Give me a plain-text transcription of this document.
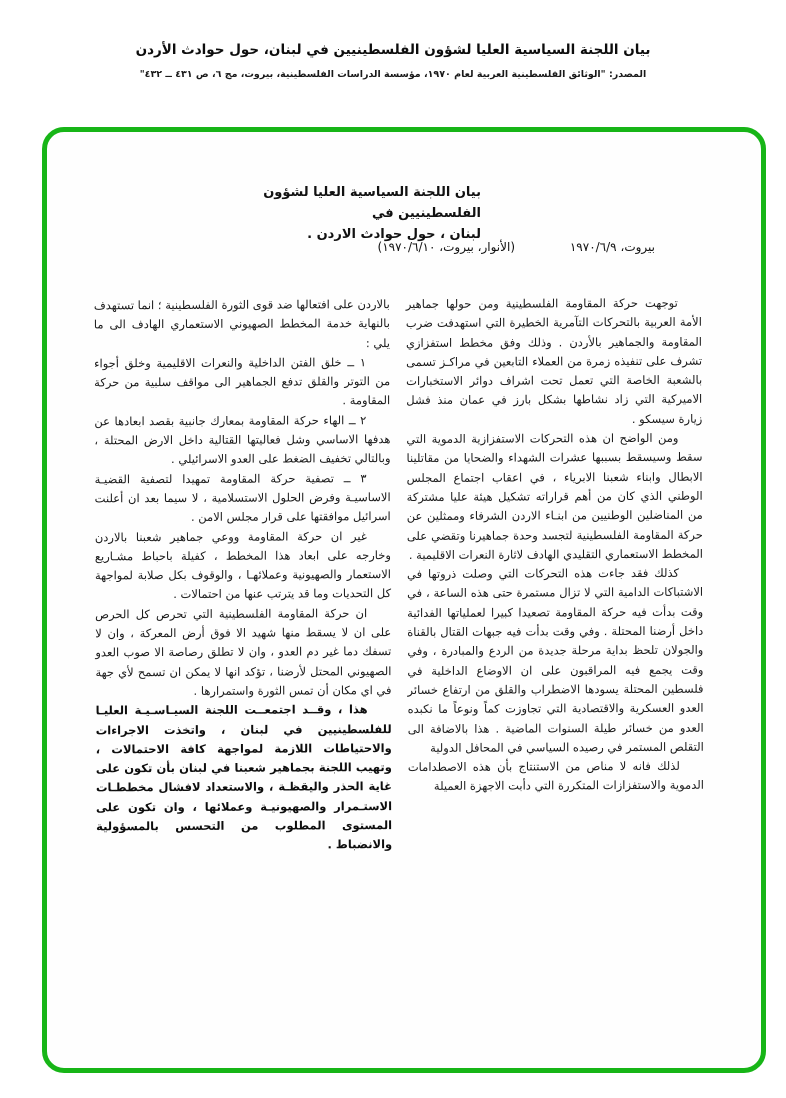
بيان اللجنة السياسية العليا لشؤون الفلسطينيين في لبنان، حول حوادث الأردن
المصدر: "الوثائق الفلسطينية العربية لعام ١٩٧٠، مؤسسة الدراسات الفلسطينية، بيروت، مج ٦، ص ٤٣١ ــ ٤٣٢"
بيان اللجنة السياسية العليا لشؤون الفلسطينيين في
لبنان ، حول حوادث الاردن .
بيروت، ١٩٧٠/٦/٩
(الأنوار، بيروت، ١٩٧٠/٦/١٠)

توجهت حركة المقاومة الفلسطينية ومن حولها جماهير الأمة العربية بالتحركات التآمرية الخطيرة التي استهدفت ضرب المقاومة والجماهير بالأردن . وذلك وفق مخطط استفزازي تشرف على تنفيذه زمرة من العملاء التابعين في مراكـز تسمى بالشعبة الخاصة التي تعمل تحت اشراف دوائر الاستخبارات الاميركية التي زاد نشاطها بشكل بارز في عمان منذ فشل زيارة سيسكو .

ومن الواضح ان هذه التحركات الاستفزازية الدموية التي سقط وسيسقط بسببها عشرات الشهداء والضحايا من مقاتلينا الابطال وابناء شعبنا الابرياء ، في اعقاب اجتماع المجلس الوطني الذي كان من أهم قراراته تشكيل هيئة عليا مشتركة من المناضلين الوطنيين من ابنـاء الاردن الشرفاء وممثلين عن حركة المقاومة الفلسطينية لتجسد وحدة جماهيرنا وتقضي على المخطط الاستعماري التقليدي الهادف لاثارة النعرات الاقليمية .

كذلك فقد جاءت هذه التحركات التي وصلت ذروتها في الاشتباكات الدامية التي لا تزال مستمرة حتى هذه الساعة ، في وقت بدأت فيه حركة المقاومة تصعيدا كبيرا لعملياتها الفدائية داخل أرضنا المحتلة . وفي وقت بدأت فيه جبهات القتال بالقناة والجولان تلحظ بداية مرحلة جديدة من الردع والمبادرة ، وفي وقت يجمع فيه المراقبون على ان الاوضاع الداخلية في فلسطين المحتلة يسودها الاضطراب والقلق من ارتفاع خسائر العدو العسكرية والاقتصادية التي تجاوزت كماً ونوعاً ما نكبده العدو من خسائر طيلة السنوات الماضية . هذا بالاضافة الى التقلص المستمر في رصيده السياسي في المحافل الدولية

لذلك فانه لا مناص من الاستنتاج بأن هذه الاصطدامات الدموية والاستفزازات المتكررة التي دأبت الاجهزة العميلة

بالاردن على افتعالها ضد قوى الثورة الفلسطينية ؛ انما تستهدف بالنهاية خدمة المخطط الصهيوني الاستعماري الهادف الى ما يلي :

١ ــ خلق الفتن الداخلية والنعرات الاقليمية وخلق أجواء من التوتر والقلق تدفع الجماهير الى مواقف سلبية من حركة المقاومة .

٢ ــ الهاء حركة المقاومة بمعارك جانبية بقصد ابعادها عن هدفها الاساسي وشل فعاليتها القتالية داخل الارض المحتلة ، وبالتالي تخفيف الضغط على العدو الاسرائيلي .

٣ ــ تصفية حركة المقاومة تمهيدا لتصفية القضيـة الاساسيـة وفرض الحلول الاستسلامية ، لا سيما بعد ان أعلنت اسرائيل موافقتها على قرار مجلس الامن .

غير ان حركة المقاومة ووعي جماهير شعبنا بالاردن وخارجه على ابعاد هذا المخطط ، كفيلة باحباط مشـاريع الاستعمار والصهيونية وعملائهـا ، والوقوف بكل صلابة لمواجهة كل التحديات وما قد يترتب عنها من احتمالات .

ان حركة المقاومة الفلسطينية التي تحرص كل الحرص على ان لا يسقط منها شهيد الا فوق أرض المعركة ، وان لا تسفك دما غير دم العدو ، وان لا تطلق رصاصة الا صوب العدو الصهيوني المحتل لأرضنا ، تؤكد انها لا يمكن ان تسمح لأي جهة في اي مكان أن تمس الثورة واستمرارها .

هذا ، وقــد اجتمعــت اللجنة السيـاسـيـة العليـا للفلسطينيين في لبنان ، واتخذت الاجراءات والاحتياطات اللازمة لمواجهة كافة الاحتمالات ، وتهيب اللجنة بجماهير شعبنا في لبنان بأن تكون على غاية الحذر واليقظـة ، والاستعداد لافشال مخططـات الاستـمرار والصهيونيـة وعملائها ، وان تكون على المستوى المطلوب من التحسس بالمسؤولية والانضباط .
